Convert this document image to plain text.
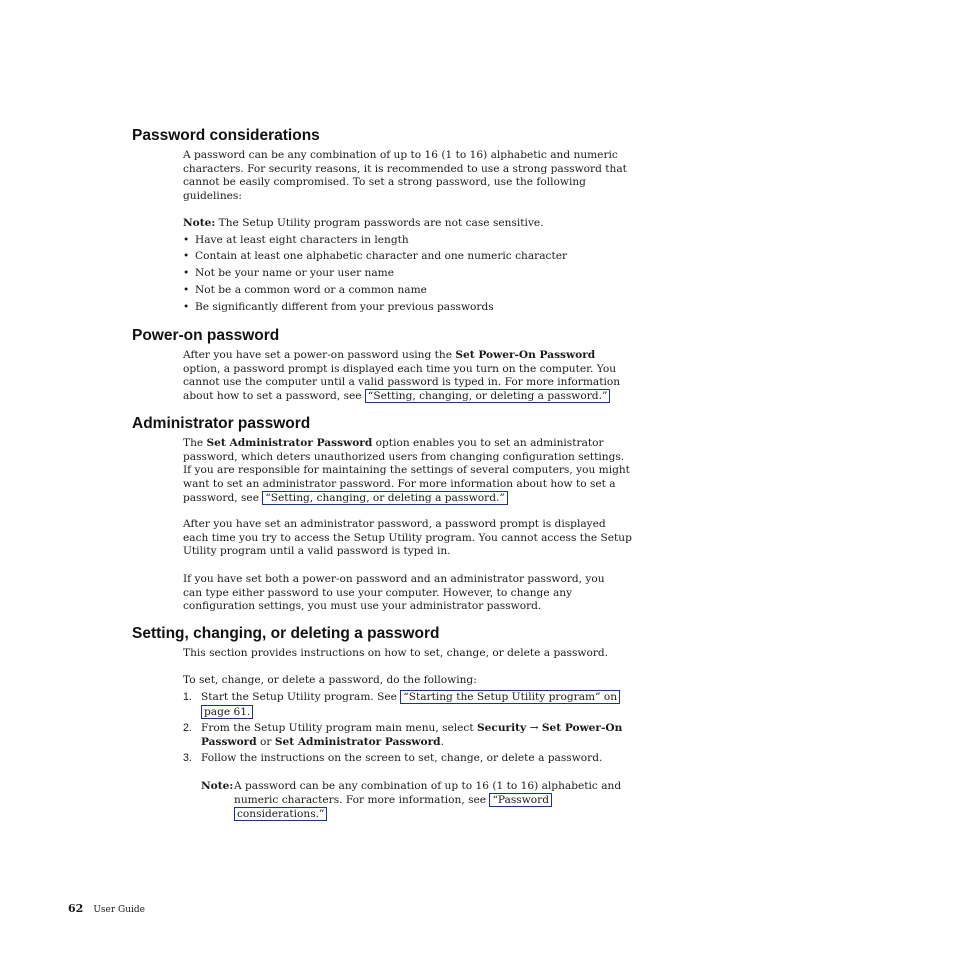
Password considerations
A password can be any combination of up to 16 (1 to 16) alphabetic and numeric
characters. For security reasons, it is recommended to use a strong password that
cannot be easily compromised. To set a strong password, use the following
guidelines:
Note: The Setup Utility program passwords are not case sensitive.
• Have at least eight characters in length
• Contain at least one alphabetic character and one numeric character
• Not be your name or your user name
• Not be a common word or a common name
• Be significantly different from your previous passwords
Power-on password
After you have set a power-on password using the Set Power-On Password
option, a password prompt is displayed each time you turn on the computer. You
cannot use the computer until a valid password is typed in. For more information
about how to set a password, see “Setting, changing, or deleting a password.”
Administrator password
The Set Administrator Password option enables you to set an administrator
password, which deters unauthorized users from changing configuration settings.
If you are responsible for maintaining the settings of several computers, you might
want to set an administrator password. For more information about how to set a
password, see “Setting, changing, or deleting a password.”
After you have set an administrator password, a password prompt is displayed
each time you try to access the Setup Utility program. You cannot access the Setup
Utility program until a valid password is typed in.
If you have set both a power-on password and an administrator password, you
can type either password to use your computer. However, to change any
configuration settings, you must use your administrator password.
Setting, changing, or deleting a password
This section provides instructions on how to set, change, or delete a password.
To set, change, or delete a password, do the following:
1. Start the Setup Utility program. See “Starting the Setup Utility program” on
page 61.
2. From the Setup Utility program main menu, select Security → Set Power-On
Password or Set Administrator Password.
3. Follow the instructions on the screen to set, change, or delete a password.
Note: A password can be any combination of up to 16 (1 to 16) alphabetic and
numeric characters. For more information, see “Password
considerations.”
62 User Guide
